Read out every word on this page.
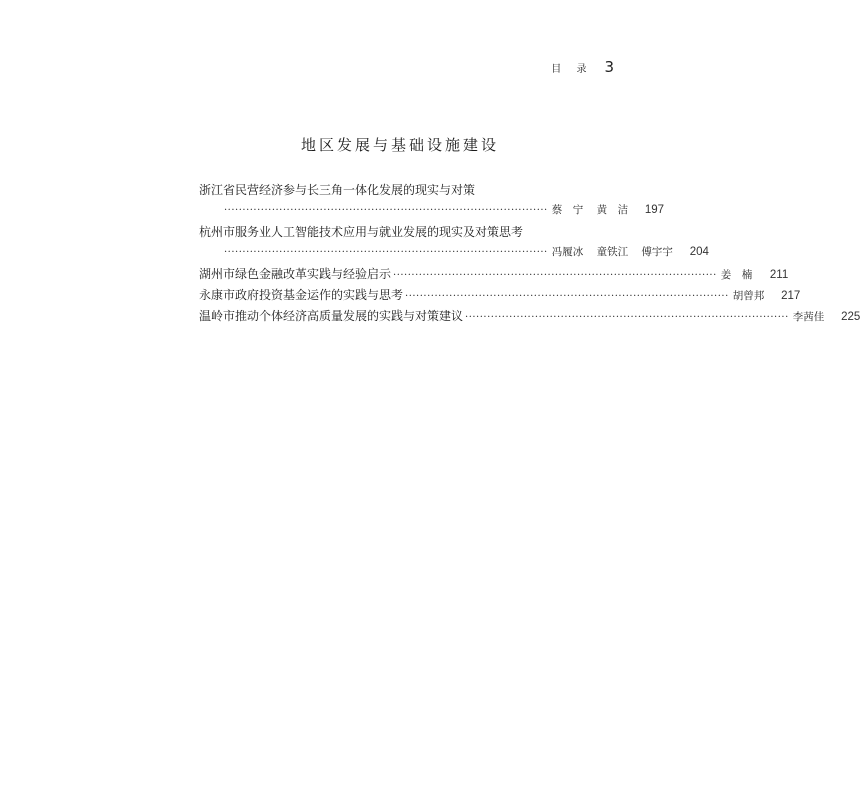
目 录 3
地区发展与基础设施建设
浙江省民营经济参与长三角一体化发展的现实与对策
························································································ 蔡　宁 黄　洁	197
杭州市服务业人工智能技术应用与就业发展的现实及对策思考
························································································ 冯履冰 童铁江 傅宇宇	204
湖州市绿色金融改革实践与经验启示 ························································································ 姜　楠	211
永康市政府投资基金运作的实践与思考 ························································································ 胡曾邦	217
温岭市推动个体经济高质量发展的实践与对策建议 ························································································ 李茜佳	225
